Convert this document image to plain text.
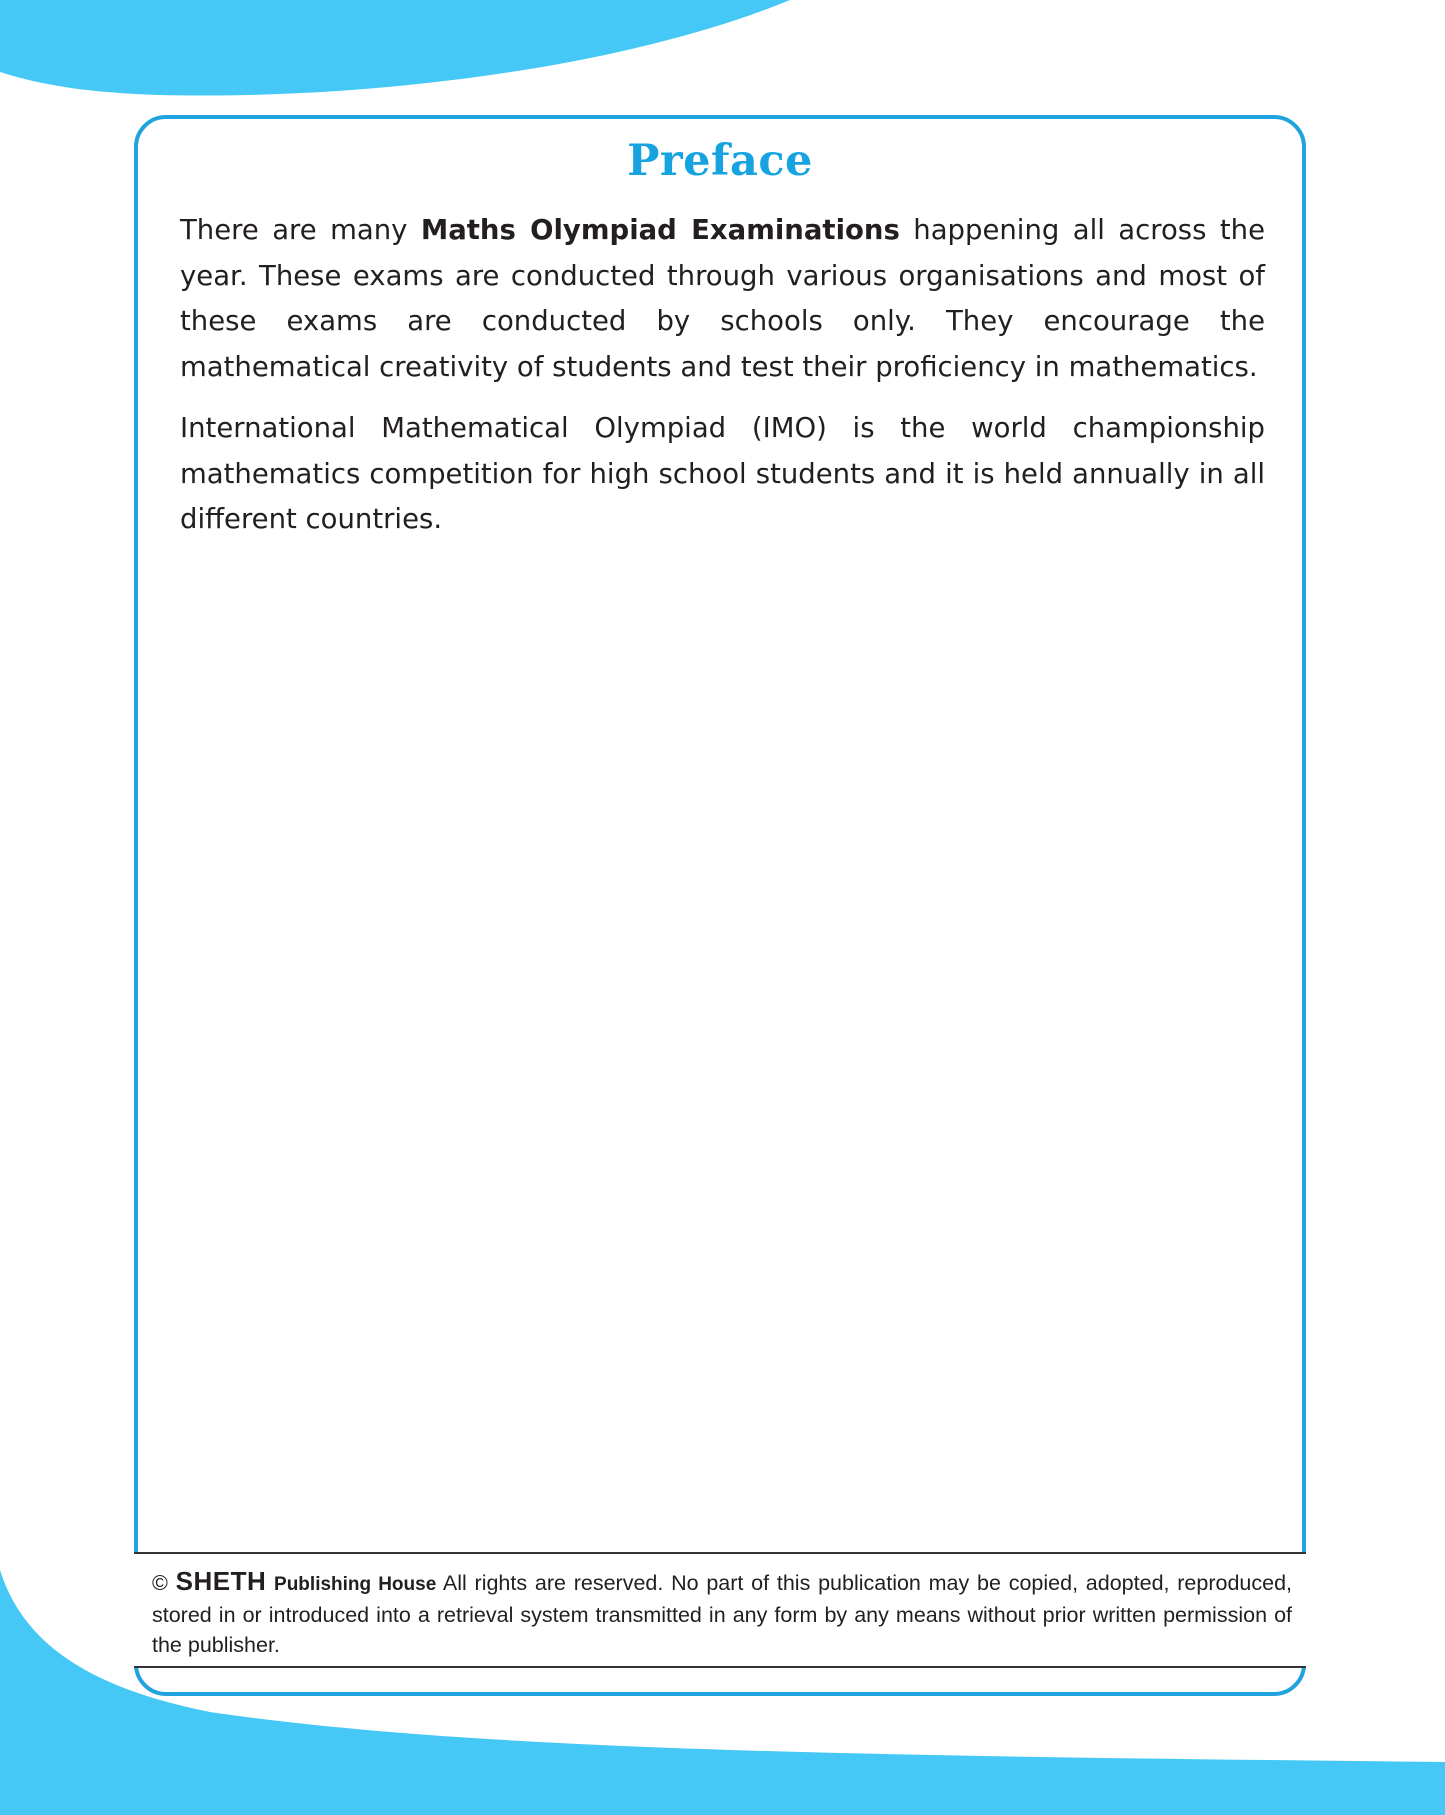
Preface

There are many Maths Olympiad Examinations happening all across the year. These exams are conducted through various organisations and most of these exams are conducted by schools only. They encourage the mathematical creativity of students and test their proficiency in mathematics.

International Mathematical Olympiad (IMO) is the world championship mathematics competition for high school students and it is held annually in all different countries.

© SHETH Publishing House All rights are reserved. No part of this publication may be copied, adopted, reproduced, stored in or introduced into a retrieval system transmitted in any form by any means without prior written permission of the publisher.
